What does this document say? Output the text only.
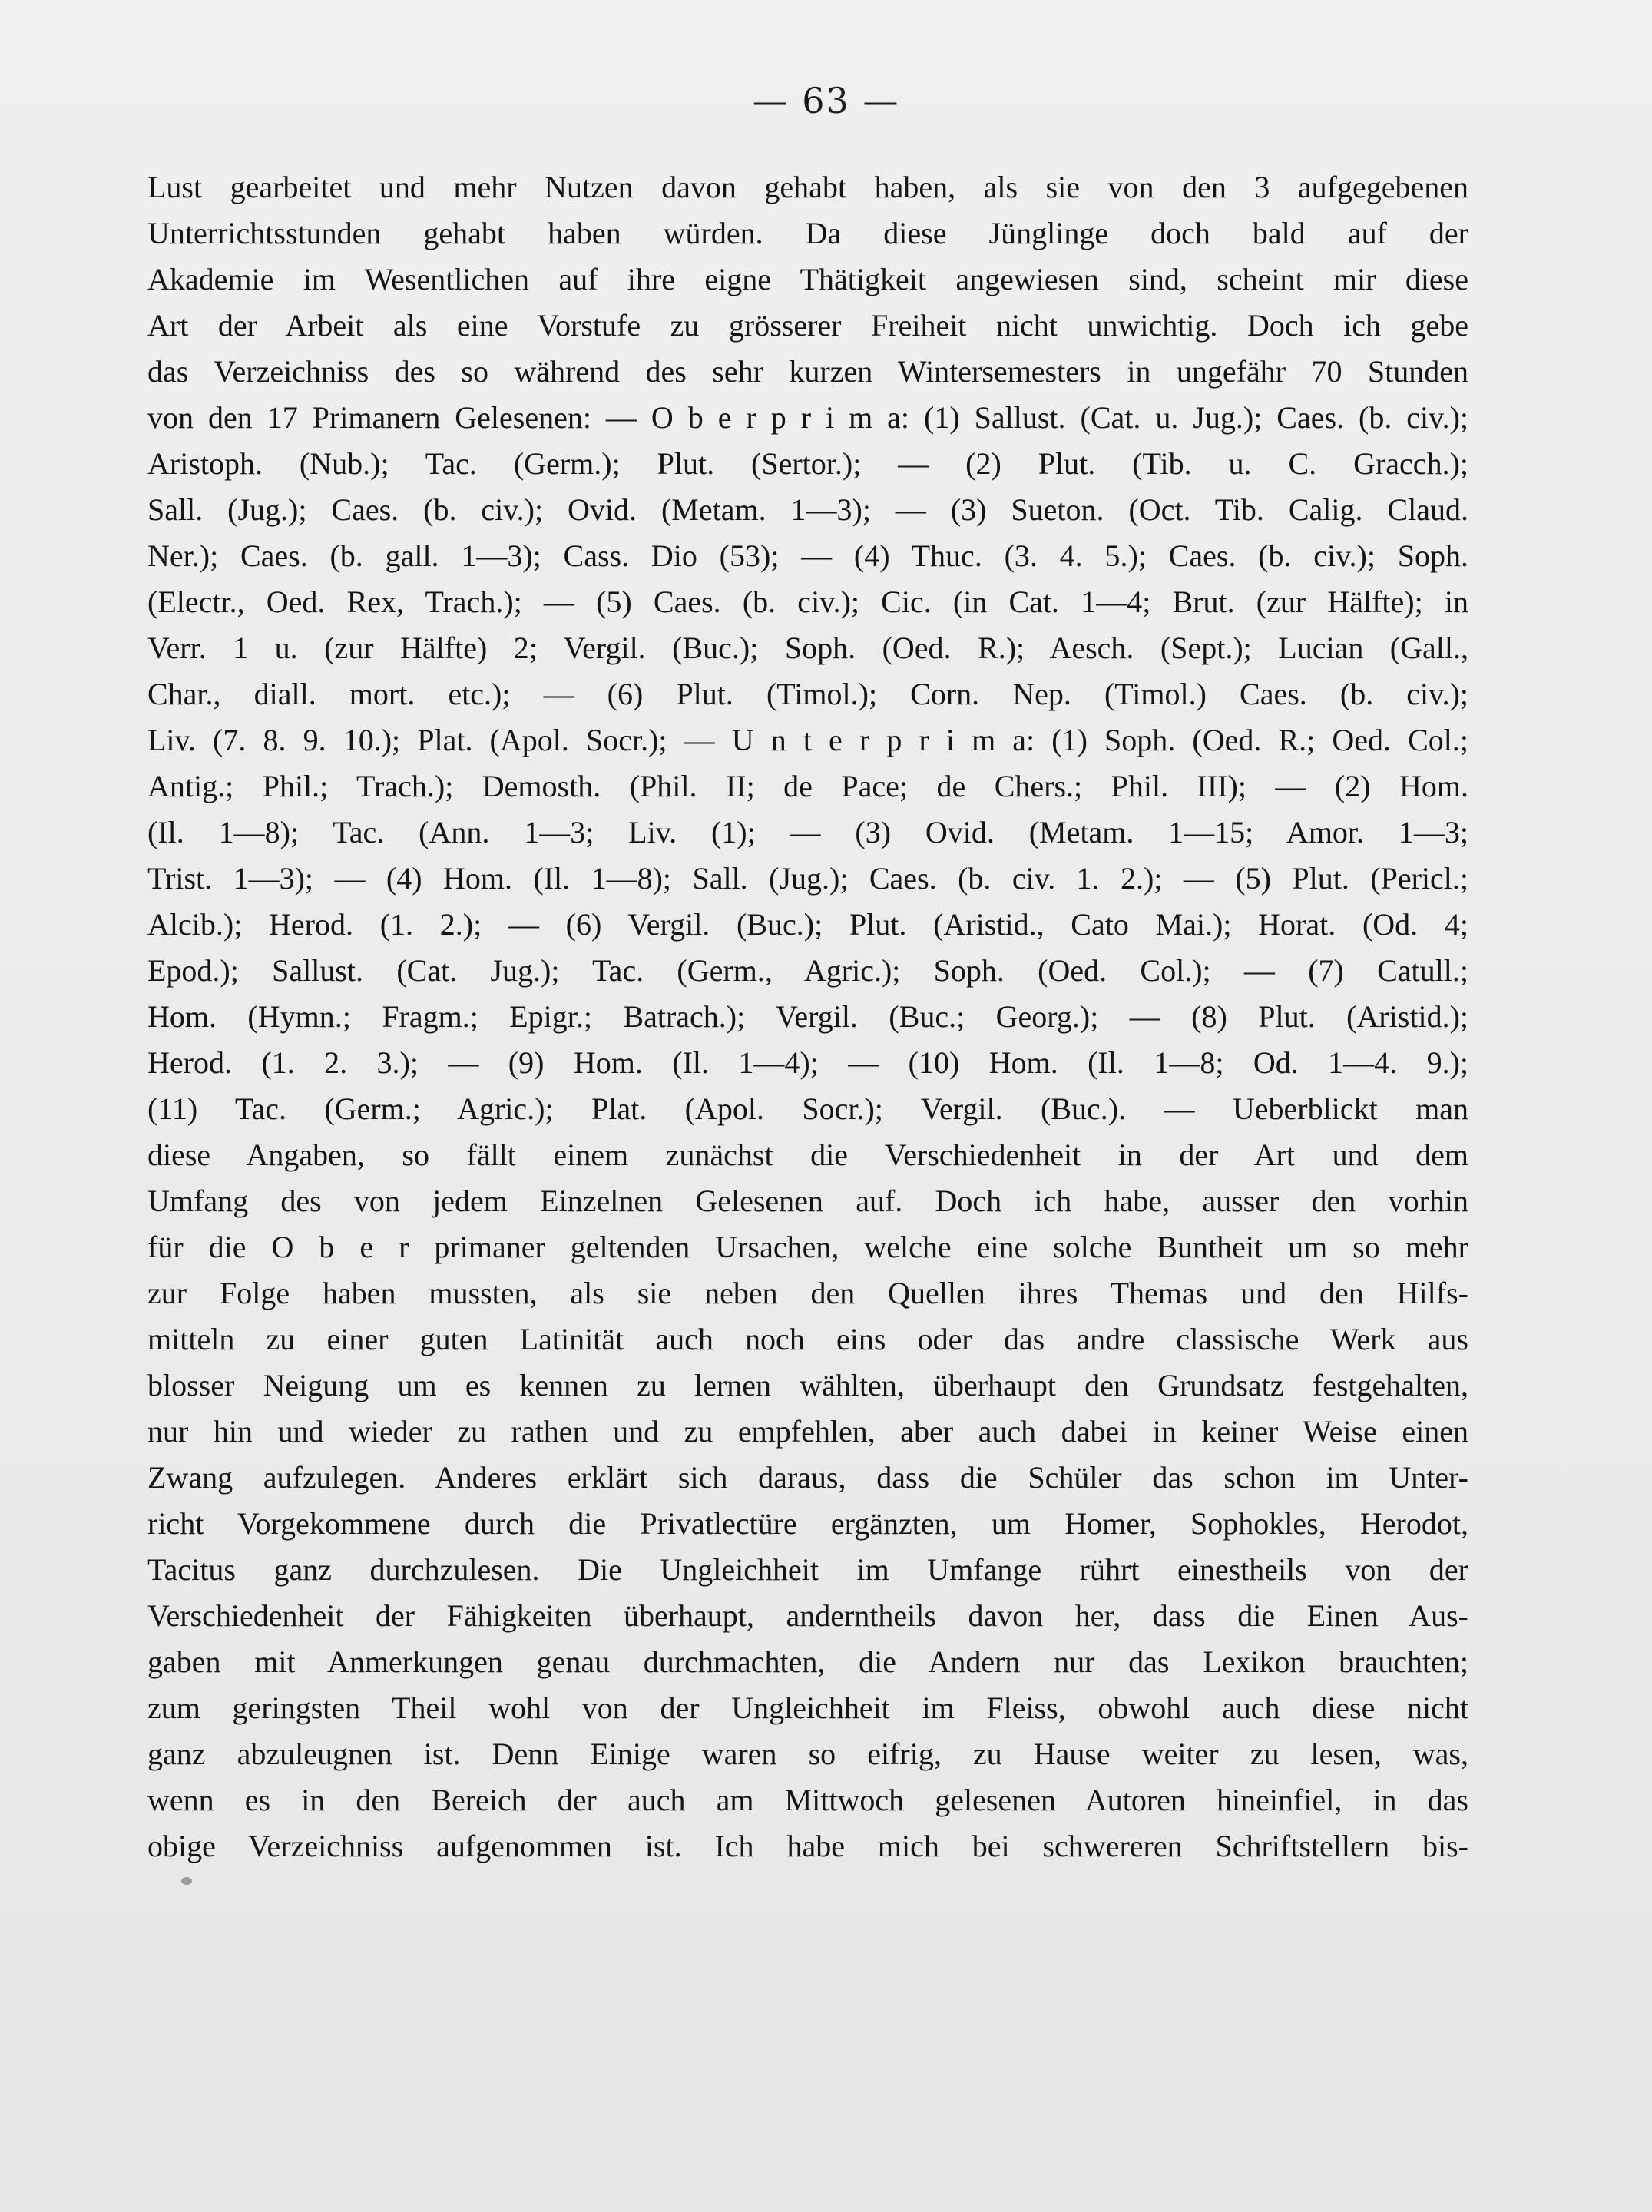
— 63 —
Lust gearbeitet und mehr Nutzen davon gehabt haben, als sie von den 3 aufgegebenen
Unterrichtsstunden gehabt haben würden. Da diese Jünglinge doch bald auf der
Akademie im Wesentlichen auf ihre eigne Thätigkeit angewiesen sind, scheint mir diese
Art der Arbeit als eine Vorstufe zu grösserer Freiheit nicht unwichtig. Doch ich gebe
das Verzeichniss des so während des sehr kurzen Wintersemesters in ungefähr 70 Stunden
von den 17 Primanern Gelesenen: — O b e r p r i m a: (1) Sallust. (Cat. u. Jug.); Caes. (b. civ.);
Aristoph. (Nub.); Tac. (Germ.); Plut. (Sertor.); — (2) Plut. (Tib. u. C. Gracch.);
Sall. (Jug.); Caes. (b. civ.); Ovid. (Metam. 1—3); — (3) Sueton. (Oct. Tib. Calig. Claud.
Ner.); Caes. (b. gall. 1—3); Cass. Dio (53); — (4) Thuc. (3. 4. 5.); Caes. (b. civ.); Soph.
(Electr., Oed. Rex, Trach.); — (5) Caes. (b. civ.); Cic. (in Cat. 1—4; Brut. (zur Hälfte); in
Verr. 1 u. (zur Hälfte) 2; Vergil. (Buc.); Soph. (Oed. R.); Aesch. (Sept.); Lucian (Gall.,
Char., diall. mort. etc.); — (6) Plut. (Timol.); Corn. Nep. (Timol.) Caes. (b. civ.);
Liv. (7. 8. 9. 10.); Plat. (Apol. Socr.); — U n t e r p r i m a: (1) Soph. (Oed. R.; Oed. Col.;
Antig.; Phil.; Trach.); Demosth. (Phil. II; de Pace; de Chers.; Phil. III); — (2) Hom.
(Il. 1—8); Tac. (Ann. 1—3; Liv. (1); — (3) Ovid. (Metam. 1—15; Amor. 1—3;
Trist. 1—3); — (4) Hom. (Il. 1—8); Sall. (Jug.); Caes. (b. civ. 1. 2.); — (5) Plut. (Pericl.;
Alcib.); Herod. (1. 2.); — (6) Vergil. (Buc.); Plut. (Aristid., Cato Mai.); Horat. (Od. 4;
Epod.); Sallust. (Cat. Jug.); Tac. (Germ., Agric.); Soph. (Oed. Col.); — (7) Catull.;
Hom. (Hymn.; Fragm.; Epigr.; Batrach.); Vergil. (Buc.; Georg.); — (8) Plut. (Aristid.);
Herod. (1. 2. 3.); — (9) Hom. (Il. 1—4); — (10) Hom. (Il. 1—8; Od. 1—4. 9.);
(11) Tac. (Germ.; Agric.); Plat. (Apol. Socr.); Vergil. (Buc.). — Ueberblickt man
diese Angaben, so fällt einem zunächst die Verschiedenheit in der Art und dem
Umfang des von jedem Einzelnen Gelesenen auf. Doch ich habe, ausser den vorhin
für die O b e r primaner geltenden Ursachen, welche eine solche Buntheit um so mehr
zur Folge haben mussten, als sie neben den Quellen ihres Themas und den Hilfs-
mitteln zu einer guten Latinität auch noch eins oder das andre classische Werk aus
blosser Neigung um es kennen zu lernen wählten, überhaupt den Grundsatz festgehalten,
nur hin und wieder zu rathen und zu empfehlen, aber auch dabei in keiner Weise einen
Zwang aufzulegen. Anderes erklärt sich daraus, dass die Schüler das schon im Unter-
richt Vorgekommene durch die Privatlectüre ergänzten, um Homer, Sophokles, Herodot,
Tacitus ganz durchzulesen. Die Ungleichheit im Umfange rührt einestheils von der
Verschiedenheit der Fähigkeiten überhaupt, anderntheils davon her, dass die Einen Aus-
gaben mit Anmerkungen genau durchmachten, die Andern nur das Lexikon brauchten;
zum geringsten Theil wohl von der Ungleichheit im Fleiss, obwohl auch diese nicht
ganz abzuleugnen ist. Denn Einige waren so eifrig, zu Hause weiter zu lesen, was,
wenn es in den Bereich der auch am Mittwoch gelesenen Autoren hineinfiel, in das
obige Verzeichniss aufgenommen ist. Ich habe mich bei schwereren Schriftstellern bis-
